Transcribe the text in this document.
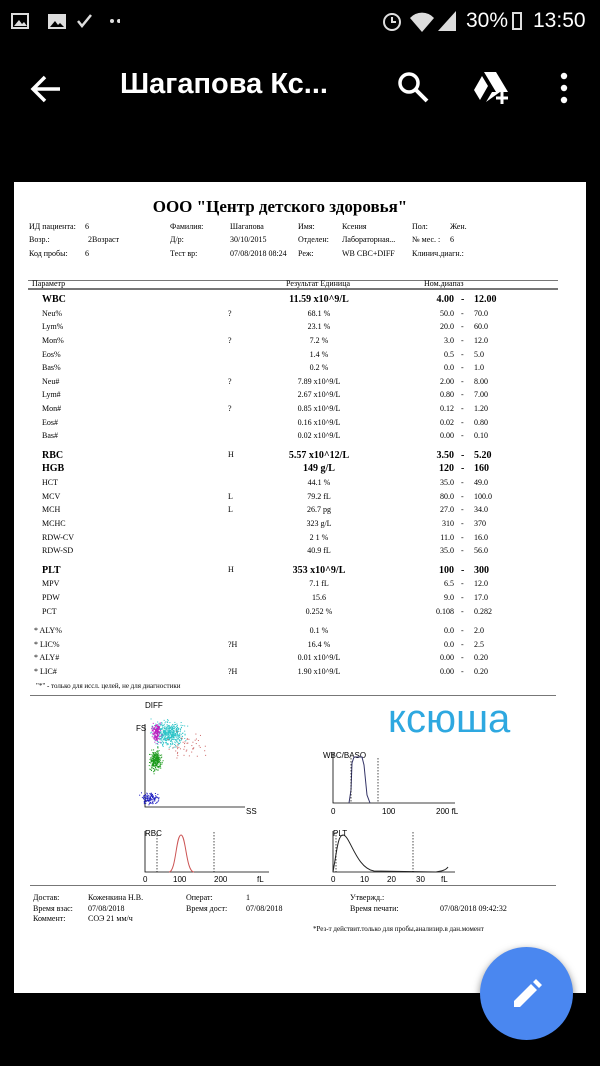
30% 13:50
Шагапова Кс...
ООО "Центр детского здоровья"
ИД пациента: 6	Фамилия:	Шагапова	Имя:	Ксения	Пол:	Жен.
Возр.:	2Возраст	Д/р:	30/10/2015	Отделен: Лабораторная... № мес. : 6
Код пробы: 6	Тест вр:	07/08/2018 08:24 Реж:	WB CBC+DIFF Клинич.диагн.:
Параметр	Результат Единица	Ном.диапаз
WBC	11.59 x10^9/L	4.00 - 12.00
Neu%	?	68.1 %	50.0 - 70.0
Lym%	23.1 %	20.0 - 60.0
Mon%	?	7.2 %	3.0 - 12.0
Eos%	1.4 %	0.5 - 5.0
Bas%	0.2 %	0.0 - 1.0
Neu#	?	7.89 x10^9/L	2.00 - 8.00
Lym#	2.67 x10^9/L	0.80 - 7.00
Mon#	?	0.85 x10^9/L	0.12 - 1.20
Eos#	0.16 x10^9/L	0.02 - 0.80
Bas#	0.02 x10^9/L	0.00 - 0.10
RBC	H	5.57 x10^12/L	3.50 - 5.20
HGB	149 g/L	120 - 160
HCT	44.1 %	35.0 - 49.0
MCV	L	79.2 fL	80.0 - 100.0
MCH	L	26.7 pg	27.0 - 34.0
MCHC	323 g/L	310 - 370
RDW-CV	2 1 %	11.0 - 16.0
RDW-SD	40.9 fL	35.0 - 56.0
PLT	H	353 x10^9/L	100 - 300
MPV	7.1 fL	6.5 - 12.0
PDW	15.6	9.0 - 17.0
PCT	0.252 %	0.108 - 0.282
* ALY%	0.1 %	0.0 - 2.0
* LIC%	?H	16.4 %	0.0 - 2.5
* ALY#	0.01 x10^9/L	0.00 - 0.20
* LIC#	?H	1.90 x10^9/L	0.00 - 0.20
"*" - только для иссл. целей, не для диагностики
DIFF
FS
SS
WBC/BASO
0	100	200 fL
RBC
0	100	200	fL
PLT
0	10 20	30 fL
ксюша
Достав:	Коженкина Н.В.	Операт:	1	Утвержд.:
Время взас: 07/08/2018	Время дост: 07/08/2018	Время печати:	07/08/2018 09:42:32
Коммент:	СОЭ 21 мм/ч
*Рез-т действит.только для пробы,анализир.в дан.момент
